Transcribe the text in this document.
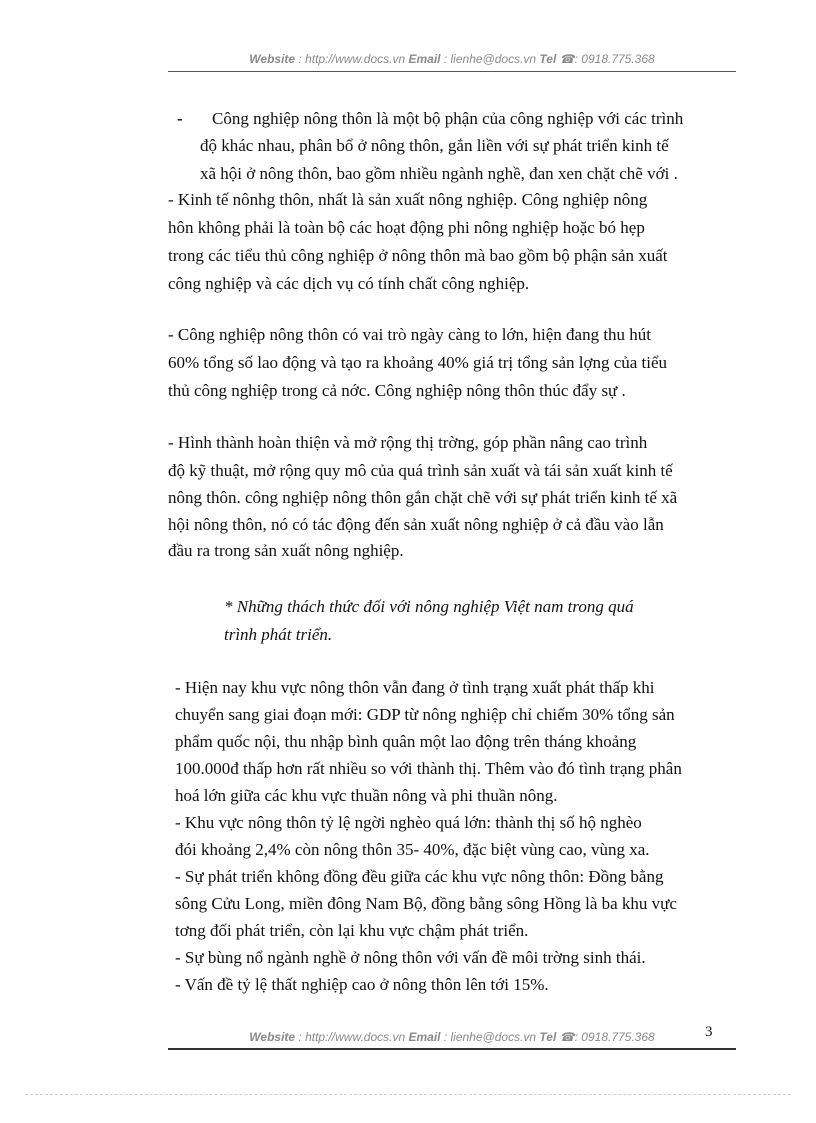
Website : http://www.docs.vn Email : lienhe@docs.vn Tel ☎: 0918.775.368
- Công nghiệp nông thôn là một bộ phận của công nghiệp với các trình
độ khác nhau, phân bổ ở nông thôn, gắn liền với sự phát triển kinh tế
xã hội ở nông thôn, bao gồm nhiều ngành nghề, đan xen chặt chẽ với .
- Kinh tế nônhg thôn, nhất là sản xuất nông nghiệp. Công nghiệp nông
hôn không phải là toàn bộ các hoạt động phi nông nghiệp hoặc bó hẹp
trong các tiểu thủ công nghiệp ở nông thôn mà bao gồm bộ phận sản xuất
công nghiệp và các dịch vụ có tính chất công nghiệp.
- Công nghiệp nông thôn có vai trò ngày càng to lớn, hiện đang thu hút
60% tổng số lao động và tạo ra khoảng 40% giá trị tổng sản lợng của tiểu
thủ công nghiệp trong cả nớc. Công nghiệp nông thôn thúc đẩy sự .
- Hình thành hoàn thiện và mở rộng thị trờng, góp phần nâng cao trình
độ kỹ thuật, mở rộng quy mô của quá trình sản xuất và tái sản xuất kinh tế
nông thôn. công nghiệp nông thôn gắn chặt chẽ với sự phát triển kinh tế xã
hội nông thôn, nó có tác động đến sản xuất nông nghiệp ở cả đầu vào lẫn
đầu ra trong sản xuất nông nghiệp.
* Những thách thức đối với nông nghiệp Việt nam trong quá
trình phát triển.
- Hiện nay khu vực nông thôn vẫn đang ở tình trạng xuất phát thấp khi
chuyển sang giai đoạn mới: GDP từ nông nghiệp chỉ chiếm 30% tổng sản
phẩm quốc nội, thu nhập bình quân một lao động trên tháng khoảng
100.000đ thấp hơn rất nhiều so với thành thị. Thêm vào đó tình trạng phân
hoá lớn giữa các khu vực thuần nông và phi thuần nông.
- Khu vực nông thôn tỷ lệ ngời nghèo quá lớn: thành thị số hộ nghèo
đói khoảng 2,4% còn nông thôn 35- 40%, đặc biệt vùng cao, vùng xa.
- Sự phát triển không đồng đều giữa các khu vực nông thôn: Đồng bằng
sông Cửu Long, miền đông Nam Bộ, đồng bằng sông Hồng là ba khu vực
tơng đối phát triển, còn lại khu vực chậm phát triển.
- Sự bùng nổ ngành nghề ở nông thôn với vấn đề môi trờng sinh thái.
- Vấn đề tỷ lệ thất nghiệp cao ở nông thôn lên tới 15%.
Website : http://www.docs.vn Email : lienhe@docs.vn Tel ☎: 0918.775.368	3
